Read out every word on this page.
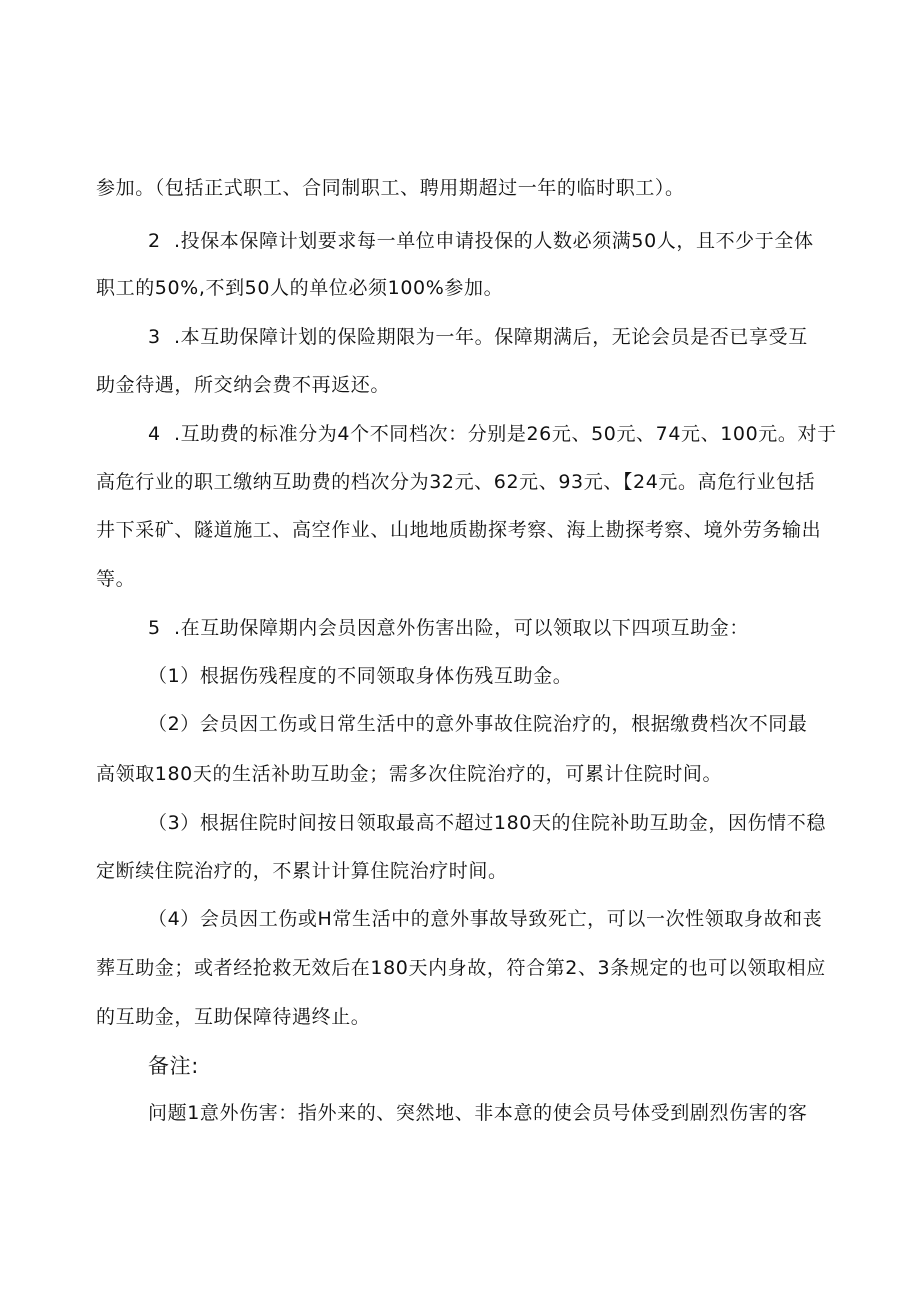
参加。（包括正式职工、合同制职工、聘用期超过一年的临时职工）。
2  .投保本保障计划要求每一单位申请投保的人数必须满50人，且不少于全体
职工的50%,不到50人的单位必须100%参加。
3  .本互助保障计划的保险期限为一年。保障期满后，无论会员是否已享受互
助金待遇，所交纳会费不再返还。
4  .互助费的标准分为4个不同档次：分别是26元、50元、74元、100元。对于
高危行业的职工缴纳互助费的档次分为32元、62元、93元、【24元。高危行业包括
井下采矿、隧道施工、高空作业、山地地质勘探考察、海上勘探考察、境外劳务输出
等。
5  .在互助保障期内会员因意外伤害出险，可以领取以下四项互助金：
（1）根据伤残程度的不同领取身体伤残互助金。
（2）会员因工伤或日常生活中的意外事故住院治疗的，根据缴费档次不同最
高领取180天的生活补助互助金；需多次住院治疗的，可累计住院时间。
（3）根据住院时间按日领取最高不超过180天的住院补助互助金，因伤情不稳
定断续住院治疗的，不累计计算住院治疗时间。
（4）会员因工伤或H常生活中的意外事故导致死亡，可以一次性领取身故和丧
葬互助金；或者经抢救无效后在180天内身故，符合第2、3条规定的也可以领取相应
的互助金，互助保障待遇终止。
备注:
问题1意外伤害：指外来的、突然地、非本意的使会员号体受到剧烈伤害的客
